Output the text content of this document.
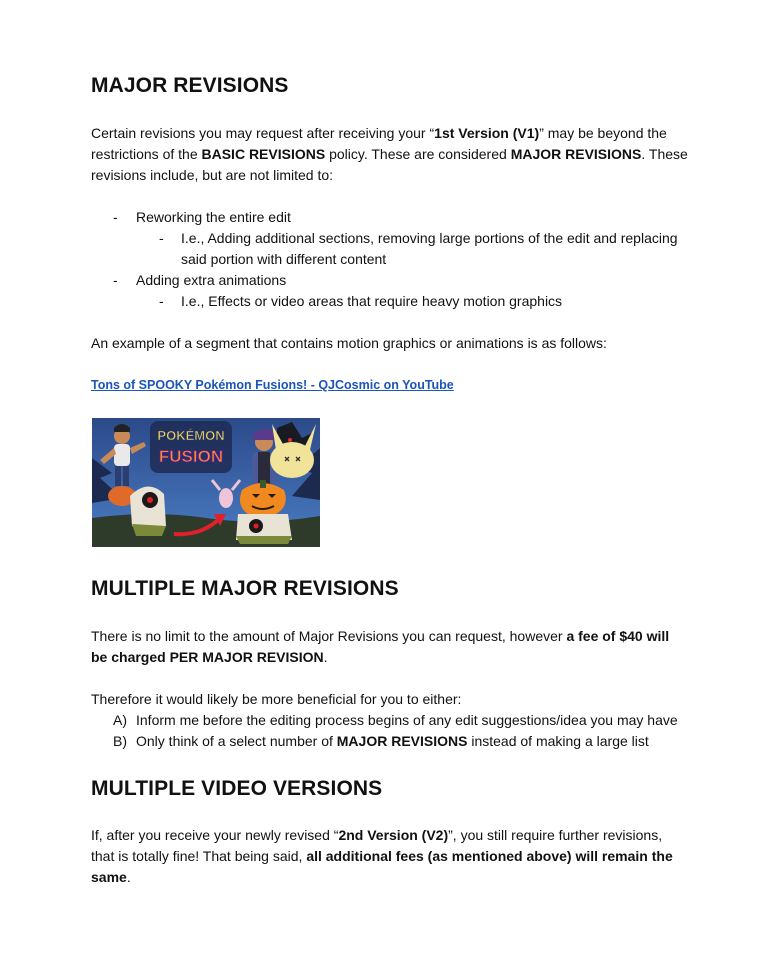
MAJOR REVISIONS

Certain revisions you may request after receiving your “1st Version (V1)” may be beyond the restrictions of the BASIC REVISIONS policy. These are considered MAJOR REVISIONS. These revisions include, but are not limited to:

- Reworking the entire edit
- I.e., Adding additional sections, removing large portions of the edit and replacing
said portion with different content
- Adding extra animations
- I.e., Effects or video areas that require heavy motion graphics
An example of a segment that contains motion graphics or animations is as follows:
Tons of SPOOKY Pokémon Fusions! - QJCosmic on YouTube
POKÉMON
FUSION
MULTIPLE MAJOR REVISIONS

There is no limit to the amount of Major Revisions you can request, however a fee of $40 will be charged PER MAJOR REVISION.

Therefore it would likely be more beneficial for you to either:
A) Inform me before the editing process begins of any edit suggestions/idea you may have
B) Only think of a select number of MAJOR REVISIONS instead of making a large list
MULTIPLE VIDEO VERSIONS

If, after you receive your newly revised “2nd Version (V2)”, you still require further revisions, that is totally fine! That being said, all additional fees (as mentioned above) will remain the same.
